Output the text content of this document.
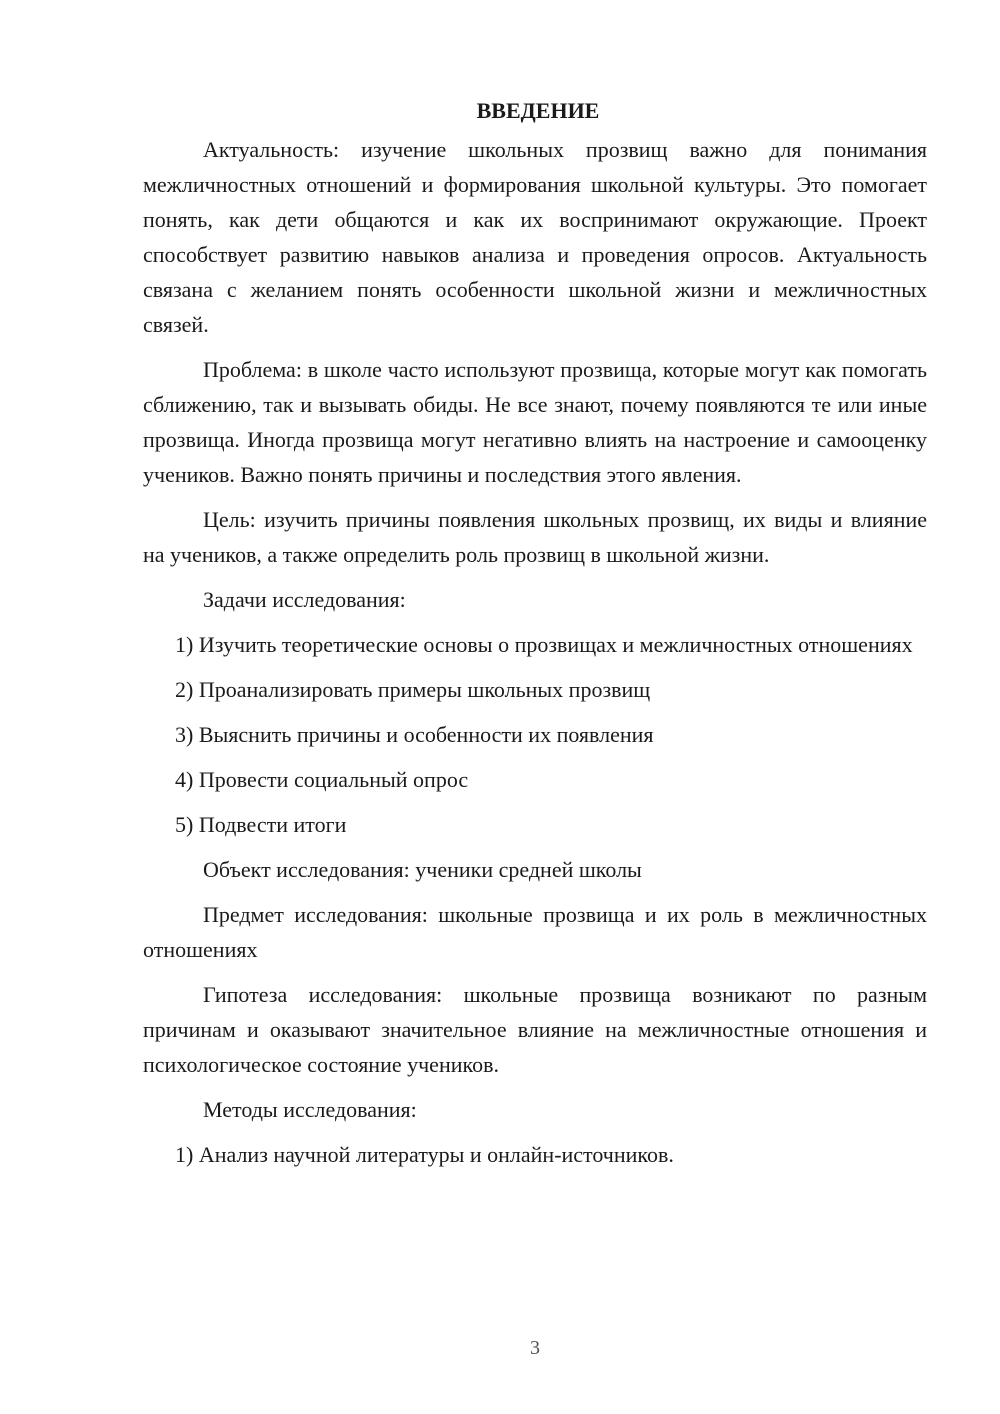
ВВЕДЕНИЕ

Актуальность: изучение школьных прозвищ важно для понимания межличностных отношений и формирования школьной культуры. Это помогает понять, как дети общаются и как их воспринимают окружающие. Проект способствует развитию навыков анализа и проведения опросов. Актуальность связана с желанием понять особенности школьной жизни и межличностных связей.

Проблема: в школе часто используют прозвища, которые могут как помогать сближению, так и вызывать обиды. Не все знают, почему появляются те или иные прозвища. Иногда прозвища могут негативно влиять на настроение и самооценку учеников. Важно понять причины и последствия этого явления.

Цель: изучить причины появления школьных прозвищ, их виды и влияние на учеников, а также определить роль прозвищ в школьной жизни.

Задачи исследования:

1) Изучить теоретические основы о прозвищах и межличностных отношениях

2) Проанализировать примеры школьных прозвищ

3) Выяснить причины и особенности их появления

4) Провести социальный опрос

5) Подвести итоги

Объект исследования: ученики средней школы

Предмет исследования: школьные прозвища и их роль в межличностных отношениях

Гипотеза исследования: школьные прозвища возникают по разным причинам и оказывают значительное влияние на межличностные отношения и психологическое состояние учеников.

Методы исследования:

1) Анализ научной литературы и онлайн-источников.

3
